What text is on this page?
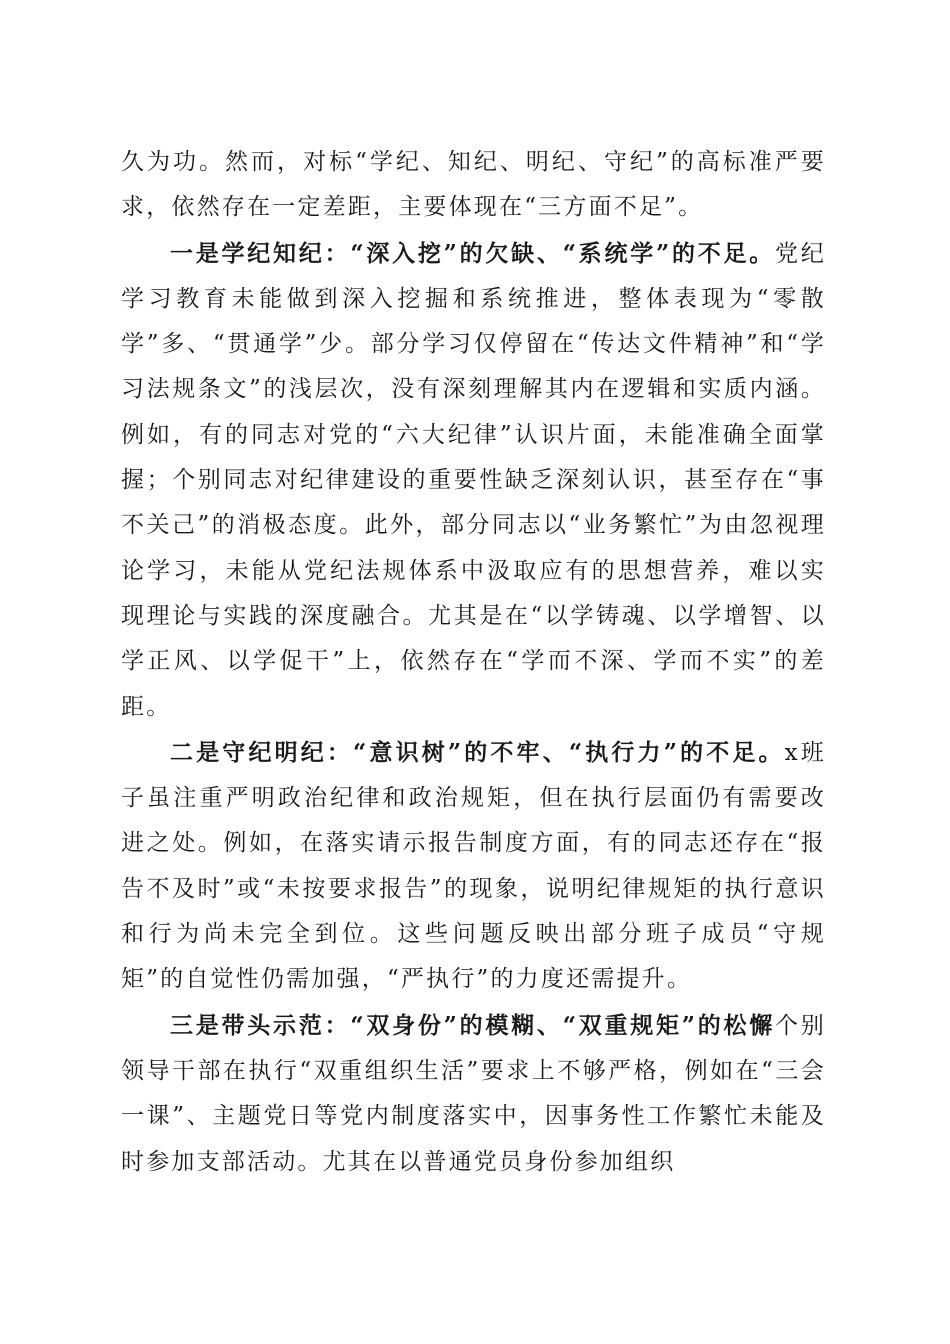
久为功。然而，对标“学纪、知纪、明纪、守纪”的高标准严要求，依然存在一定差距，主要体现在“三方面不足”。

一是学纪知纪：“深入挖”的欠缺、“系统学”的不足。党纪学习教育未能做到深入挖掘和系统推进，整体表现为“零散学”多、“贯通学”少。部分学习仅停留在“传达文件精神”和“学习法规条文”的浅层次，没有深刻理解其内在逻辑和实质内涵。例如，有的同志对党的“六大纪律”认识片面，未能准确全面掌握；个别同志对纪律建设的重要性缺乏深刻认识，甚至存在“事不关己”的消极态度。此外，部分同志以“业务繁忙”为由忽视理论学习，未能从党纪法规体系中汲取应有的思想营养，难以实现理论与实践的深度融合。尤其是在“以学铸魂、以学增智、以学正风、以学促干”上，依然存在“学而不深、学而不实”的差距。

二是守纪明纪：“意识树”的不牢、“执行力”的不足。x班子虽注重严明政治纪律和政治规矩，但在执行层面仍有需要改进之处。例如，在落实请示报告制度方面，有的同志还存在“报告不及时”或“未按要求报告”的现象，说明纪律规矩的执行意识和行为尚未完全到位。这些问题反映出部分班子成员“守规矩”的自觉性仍需加强，“严执行”的力度还需提升。

三是带头示范：“双身份”的模糊、“双重规矩”的松懈个别领导干部在执行“双重组织生活”要求上不够严格，例如在“三会一课”、主题党日等党内制度落实中，因事务性工作繁忙未能及时参加支部活动。尤其在以普通党员身份参加组织
